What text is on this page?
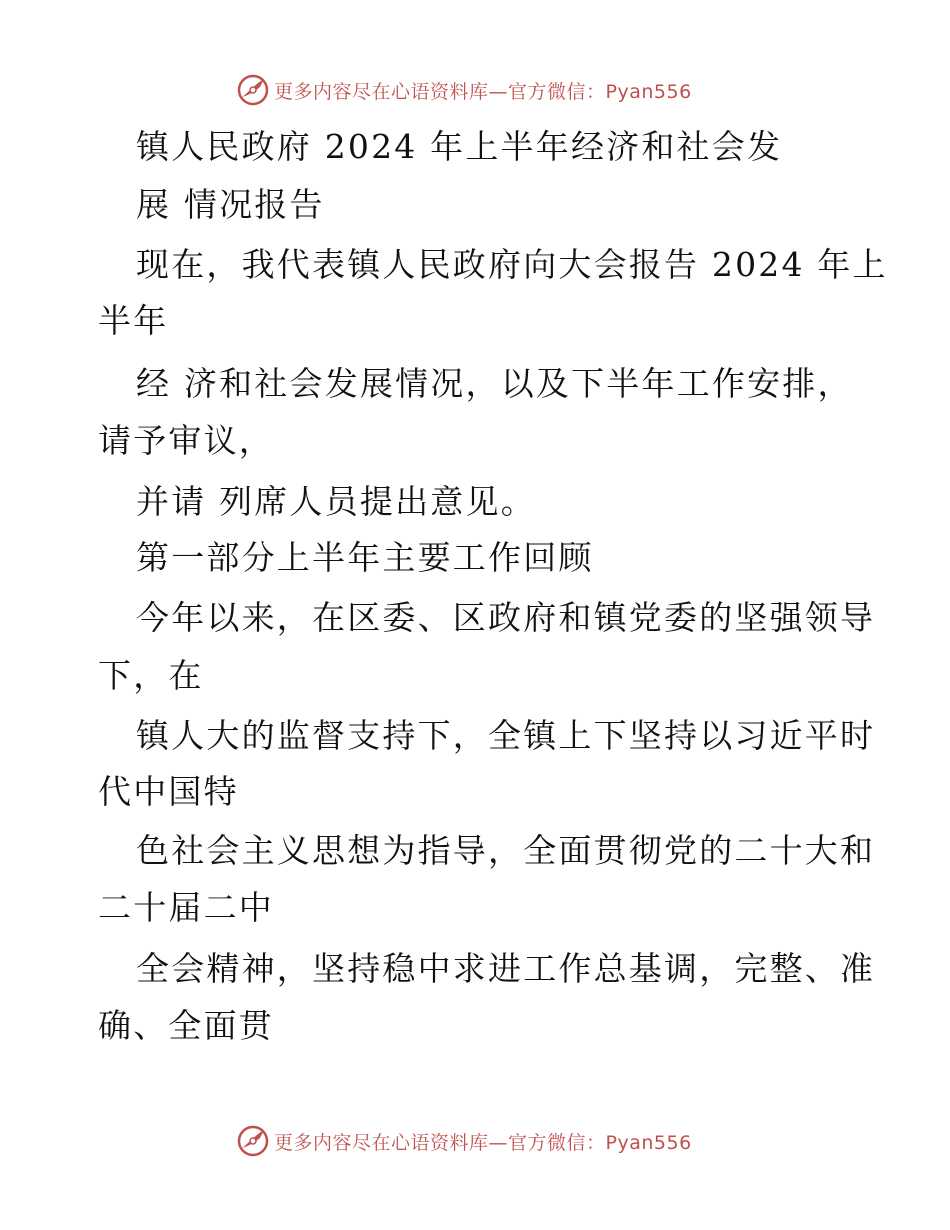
更多内容尽在心语资料库—官方微信：Pyan556
镇人民政府 2024 年上半年经济和社会发
展 情况报告
现在，我代表镇人民政府向大会报告 2024 年上
半年
经 济和社会发展情况，以及下半年工作安排，
请予审议，
并请 列席人员提出意见。
第一部分上半年主要工作回顾
今年以来，在区委、区政府和镇党委的坚强领导
下，在
镇人大的监督支持下，全镇上下坚持以习近平时
代中国特
色社会主义思想为指导，全面贯彻党的二十大和
二十届二中
全会精神，坚持稳中求进工作总基调，完整、准
确、全面贯
更多内容尽在心语资料库—官方微信：Pyan556
